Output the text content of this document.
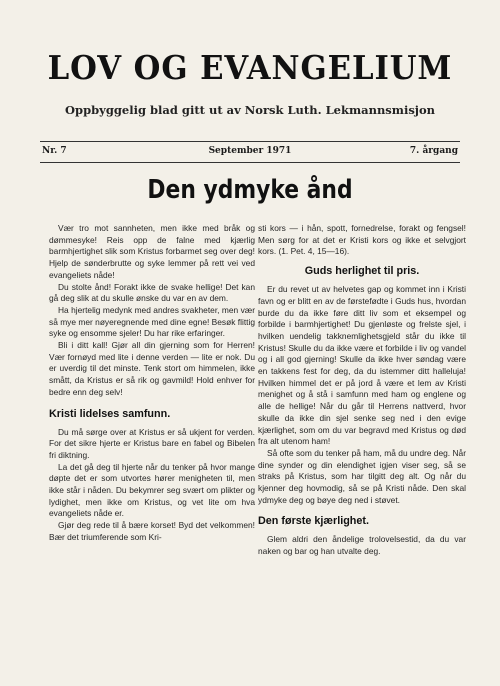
LOV OG EVANGELIUM
Oppbyggelig blad gitt ut av Norsk Luth. Lekmannsmisjon
Nr. 7	September 1971	7. årgang
Den ydmyke ånd

Vær tro mot sannheten, men ikke med bråk og dømmesyke! Reis opp de falne med kjærlig barmhjertighet slik som Kristus forbarmet seg over deg! Hjelp de sønderbrutte og syke lemmer på rett vei ved evangeliets nåde!

Du stolte ånd! Forakt ikke de svake hellige! Det kan gå deg slik at du skulle ønske du var en av dem.

Ha hjertelig medynk med andres svakheter, men vær så mye mer nøyeregnende med dine egne! Besøk flittig syke og ensomme sjeler! Du har rike erfaringer.

Bli i ditt kall! Gjør all din gjerning som for Herren! Vær fornøyd med lite i denne verden — lite er nok. Du er uverdig til det minste. Tenk stort om himmelen, ikke smått, da Kristus er så rik og gavmild! Hold enhver for bedre enn deg selv!

Kristi lidelses samfunn.

Du må sørge over at Kristus er så ukjent for verden. For det sikre hjerte er Kristus bare en fabel og Bibelen fri diktning.

La det gå deg til hjerte når du tenker på hvor mange døpte det er som utvortes hører menigheten til, men ikke står i nåden. Du bekymrer seg svært om plikter og lydighet, men ikke om Kristus, og vet lite om hva evangeliets nåde er.

Gjør deg rede til å bære korset! Byd det velkommen! Bær det triumferende som Kri-

sti kors — i hån, spott, fornedrelse, forakt og fengsel! Men sørg for at det er Kristi kors og ikke et selvgjort kors. (1. Pet. 4, 15—16).

Guds herlighet til pris.

Er du revet ut av helvetes gap og kommet inn i Kristi favn og er blitt en av de førstefødte i Guds hus, hvordan burde du da ikke føre ditt liv som et eksempel og forbilde i barmhjertighet! Du gjenløste og frelste sjel, i hvilken uendelig takknemlighetsgjeld står du ikke til Kristus! Skulle du da ikke være et forbilde i liv og vandel og i all god gjerning! Skulle da ikke hver søndag være en takkens fest for deg, da du istemmer ditt halleluja! Hvilken himmel det er på jord å være et lem av Kristi menighet og å stå i samfunn med ham og englene og alle de hellige! Når du går til Herrens nattverd, hvor skulle da ikke din sjel senke seg ned i den evige kjærlighet, som om du var begravd med Kristus og død fra alt utenom ham!

Så ofte som du tenker på ham, må du undre deg. Når dine synder og din elendighet igjen viser seg, så se straks på Kristus, som har tilgitt deg alt. Og når du kjenner deg hovmodig, så se på Kristi nåde. Den skal ydmyke deg og bøye deg ned i støvet.

Den første kjærlighet.

Glem aldri den åndelige trolovelsestid, da du var naken og bar og han utvalte deg.
